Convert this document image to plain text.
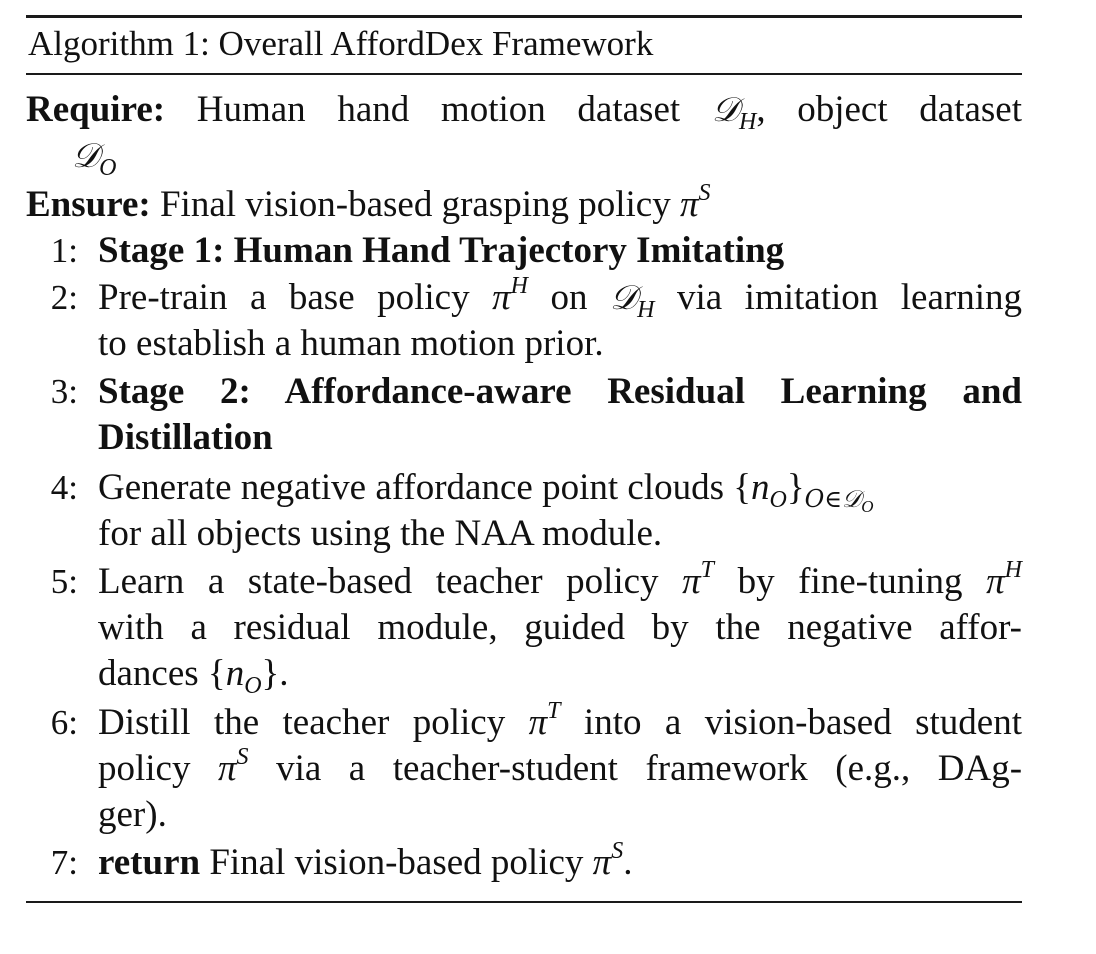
Algorithm 1: Overall AffordDex Framework
Require: Human hand motion dataset 𝒟$_H$, object dataset
𝒟$_O$
Ensure: Final vision-based grasping policy $\pi^S$
1: Stage 1: Human Hand Trajectory Imitating
2: Pre-train a base policy $\pi^H$ on 𝒟$_H$ via imitation learning
to establish a human motion prior.
3: Stage 2: Affordance-aware Residual Learning and
Distillation
4: Generate negative affordance point clouds $\{n_O\}_{O\in 𝒟_O}$
for all objects using the NAA module.
5: Learn a state-based teacher policy $\pi^T$ by fine-tuning $\pi^H$
with a residual module, guided by the negative affor-
dances $\{n_O\}$.
6: Distill the teacher policy $\pi^T$ into a vision-based student
policy $\pi^S$ via a teacher-student framework (e.g., DAg-
ger).
7: return Final vision-based policy $\pi^S$.
